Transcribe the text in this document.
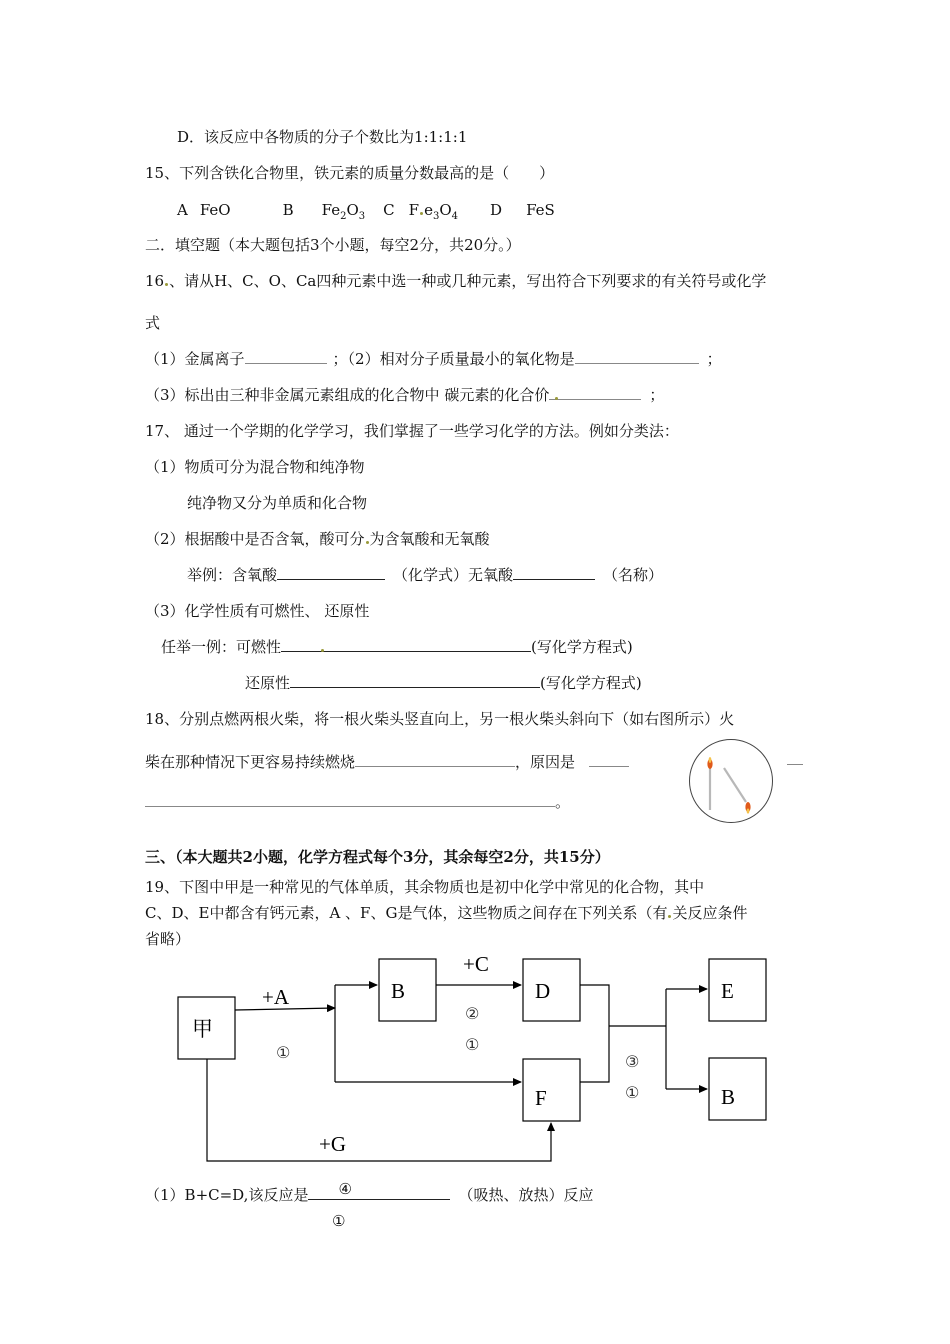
D．该反应中各物质的分子个数比为1:1:1:1
15、下列含铁化合物里，铁元素的质量分数最高的是（　　）
A FeO	B $Fe_2O_3$ C F $e_3O_4$ D FeS
二．填空题（本大题包括3个小题，每空2分，共20分。）
16 、请从H、C、O、Ca四种元素中选一种或几种元素，写出符合下列要求的有关符号或化学
式
（1）金属离子	；（2）相对分子质量最小的氧化物是	；
（3）标出由三种非金属元素组成的化合物中 碳元素的化合价	；
17、 通过一个学期的化学学习，我们掌握了一些学习化学的方法。例如分类法：
（1）物质可分为混合物和纯净物
纯净物又分为单质和化合物
（2）根据酸中是否含氧，酸可分 为含氧酸和无氧酸
举例：含氧酸	（化学式）无氧酸	（名称）
（3）化学性质有可燃性、 还原性
任举一例：可燃性	(写化学方程式)
还原性	(写化学方程式)
18、分别点燃两根火柴，将一根火柴头竖直向上，另一根火柴头斜向下（如右图所示）火
柴在那种情况下更容易持续燃烧	，原因是
。
三、（本大题共2小题，化学方程式每个3分，其余每空2分，共15分）
19、下图中甲是一种常见的气体单质，其余物质也是初中化学中常见的化合物，其中
C、D、E中都含有钙元素，A 、F、G是气体，这些物质之间存在下列关系（有 关反应条件
省略）
甲
B	D
F
E
B
+A
+C
+G
①
②
①
③
①
（1）B+C=D,该反应是 ④	（吸热、放热）反应
①
